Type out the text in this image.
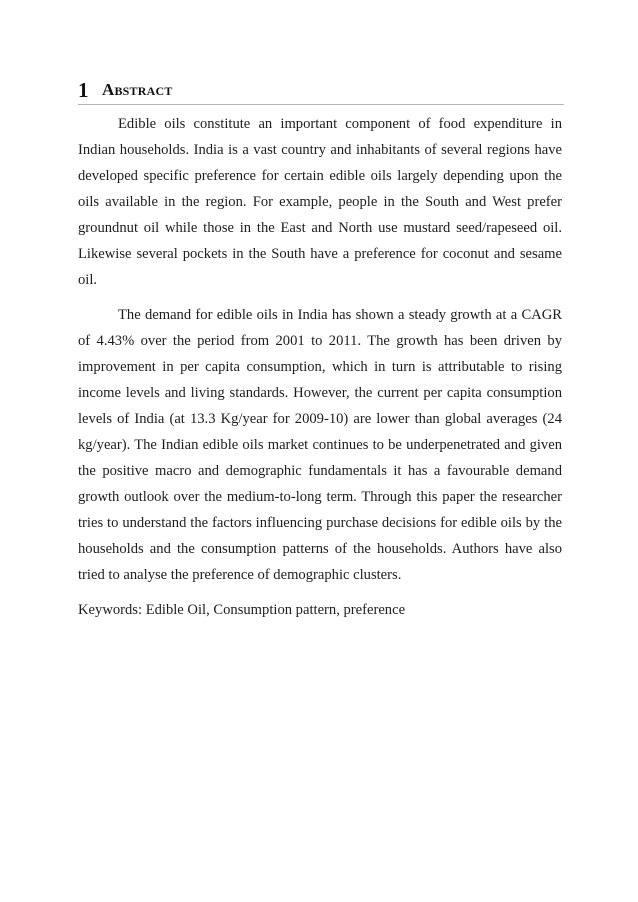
1 Abstract

Edible oils constitute an important component of food expenditure in Indian households. India is a vast country and inhabitants of several regions have developed specific preference for certain edible oils largely depending upon the oils available in the region. For example, people in the South and West prefer groundnut oil while those in the East and North use mustard seed/rapeseed oil. Likewise several pockets in the South have a preference for coconut and sesame oil.

The demand for edible oils in India has shown a steady growth at a CAGR of 4.43% over the period from 2001 to 2011. The growth has been driven by improvement in per capita consumption, which in turn is attributable to rising income levels and living standards. However, the current per capita consumption levels of India (at 13.3 Kg/year for 2009-10) are lower than global averages (24 kg/year). The Indian edible oils market continues to be underpenetrated and given the positive macro and demographic fundamentals it has a favourable demand growth outlook over the medium-to-long term. Through this paper the researcher tries to understand the factors influencing purchase decisions for edible oils by the households and the consumption patterns of the households. Authors have also tried to analyse the preference of demographic clusters.

Keywords: Edible Oil, Consumption pattern, preference
